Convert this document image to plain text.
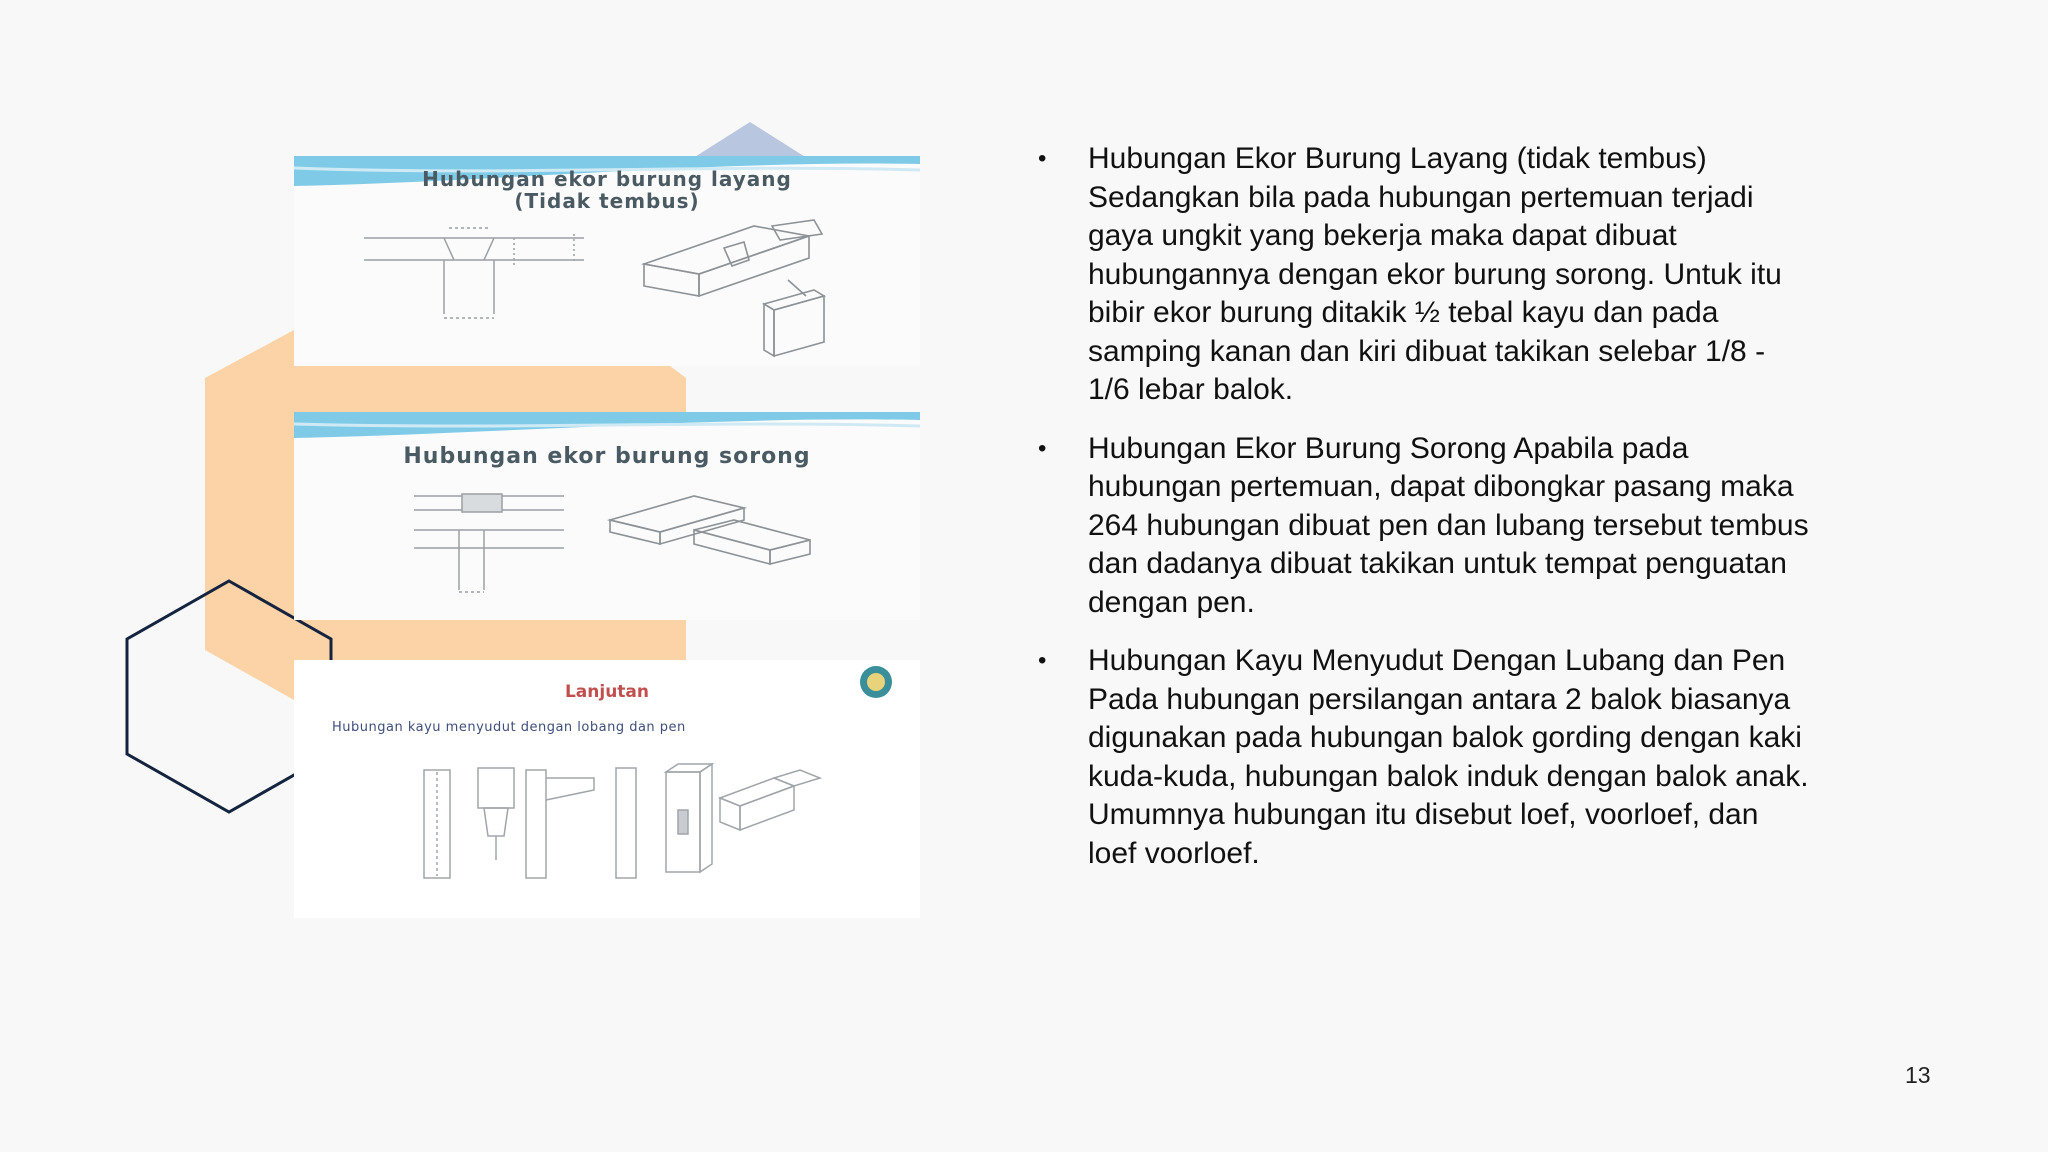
Hubungan ekor burung layang
(Tidak tembus)
Hubungan ekor burung sorong
Lanjutan
Hubungan kayu menyudut dengan lobang dan pen
• Hubungan Ekor Burung Layang (tidak tembus) Sedangkan bila pada hubungan pertemuan terjadi gaya ungkit yang bekerja maka dapat dibuat hubungannya dengan ekor burung sorong. Untuk itu bibir ekor burung ditakik ½ tebal kayu dan pada samping kanan dan kiri dibuat takikan selebar 1/8 - 1/6 lebar balok.
• Hubungan Ekor Burung Sorong Apabila pada hubungan pertemuan, dapat dibongkar pasang maka 264 hubungan dibuat pen dan lubang tersebut tembus dan dadanya dibuat takikan untuk tempat penguatan dengan pen.
• Hubungan Kayu Menyudut Dengan Lubang dan Pen Pada hubungan persilangan antara 2 balok biasanya digunakan pada hubungan balok gording dengan kaki kuda-kuda, hubungan balok induk dengan balok anak. Umumnya hubungan itu disebut loef, voorloef, dan loef voorloef.
13
